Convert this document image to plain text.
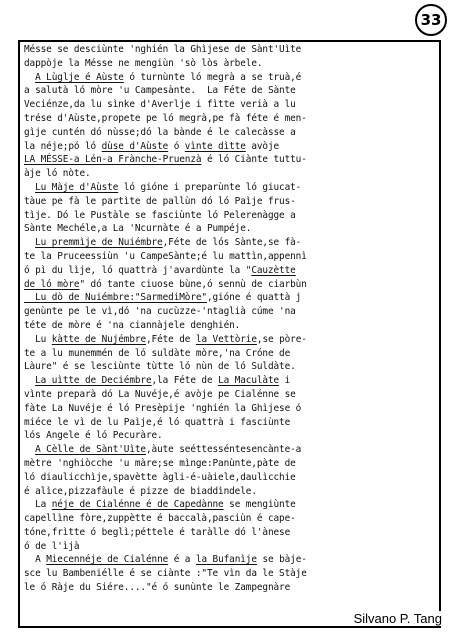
33
Mésse se desciùnte 'nghién la Ghìjese de Sànt'Uìte
dappòje la Mésse ne mengiùn 'sò lòs àrbele.
A Lùglje é Aùste ó turnùnte ló megrà a se truà,é
a salutà ló mòre 'u Campesànte.  La Féte de Sànte
Veciénze,da lu sìnke d'Averlje i fìtte verià a lu
trése d'Aùste,propete pe ló megrà,pe fà féte é men-
gìje cuntén dó nùsse;dó la bànde é le calecàsse a
la néje;pó ló dùse d'Aùste ó vìnte dìtte avòje
LA MÉSSE-a Lén-a Frànche-Pruenzà é ló Ciànte tuttu-
àje ló nòte.
Lu Màje d'Aùste ló gióne i preparùnte ló giucat-
tàue pe fà le partìte de pallùn dó ló Paìje frus-
tìje. Dó le Pustàle se fasciùnte ló Pelerenàgge a
Sànte Mechéle,a La 'Ncurnàte é a Pumpéje.
Lu premmìje de Nuiémbre,Féte de lós Sànte,se fà-
te la Pruceessiùn 'u CampeSànte;é lu mattìn,appennì
ó pì du lìje, ló quattrà j'avardùnte la "Cauzètte
de ló mòre" dó tante ciuose bùne,ó sennù de ciarbùn
Lu dò de Nuiémbre:"SarmediMòre",gióne é quattà j
genùnte pe le vì,dó 'na cucùzze-'ntaglià cúme 'na
téte de mòre é 'na ciannàjele denghién.
Lu kàtte de Nujémbre,Féte de la Vettòrie,se pòre-
te a lu munemmén de ló suldàte mòre,'na Cróne de
Làure" é se lesciùnte tùtte ló nùn de ló Suldàte.
La uìtte de Deciémbre,la Féte de La Maculàte i
vìnte preparà dó La Nuvéje,é avòje pe Cialénne se
fàte La Nuvéje é ló Presèpije 'nghién la Ghìjese ó
miéce le vì de lu Paìje,é ló quattrà i fasciùnte
lós Angele é ló Pecuràre.
A Cèlle de Sànt'Uìte,àute seéttesséntesencànte-a
mètre 'nghiòcche 'u màre;se mìnge:Panùnte,pàte de
ló diaulicchìje,spavètte àgli-é-uàiele,daulìcchie
é alìce,pizzafàule é pizze de biaddìndele.
La néje de Cialénne é de Capedànne se mengiùnte
capellìne fòre,zuppètte é baccalà,pasciùn é cape-
tóne,frìtte ó beglì;péttele é taràlle dó l'ànese
ó de l'ìjà
A Miecennéje de Cialénne é a la Bufanìje se bàje-
sce lu Bambeniélle é se ciànte :"Te vìn da le Stàje
le ó Ràje du Siére...."é ó sunùnte le Zampegnàre
Silvano P. Tang
